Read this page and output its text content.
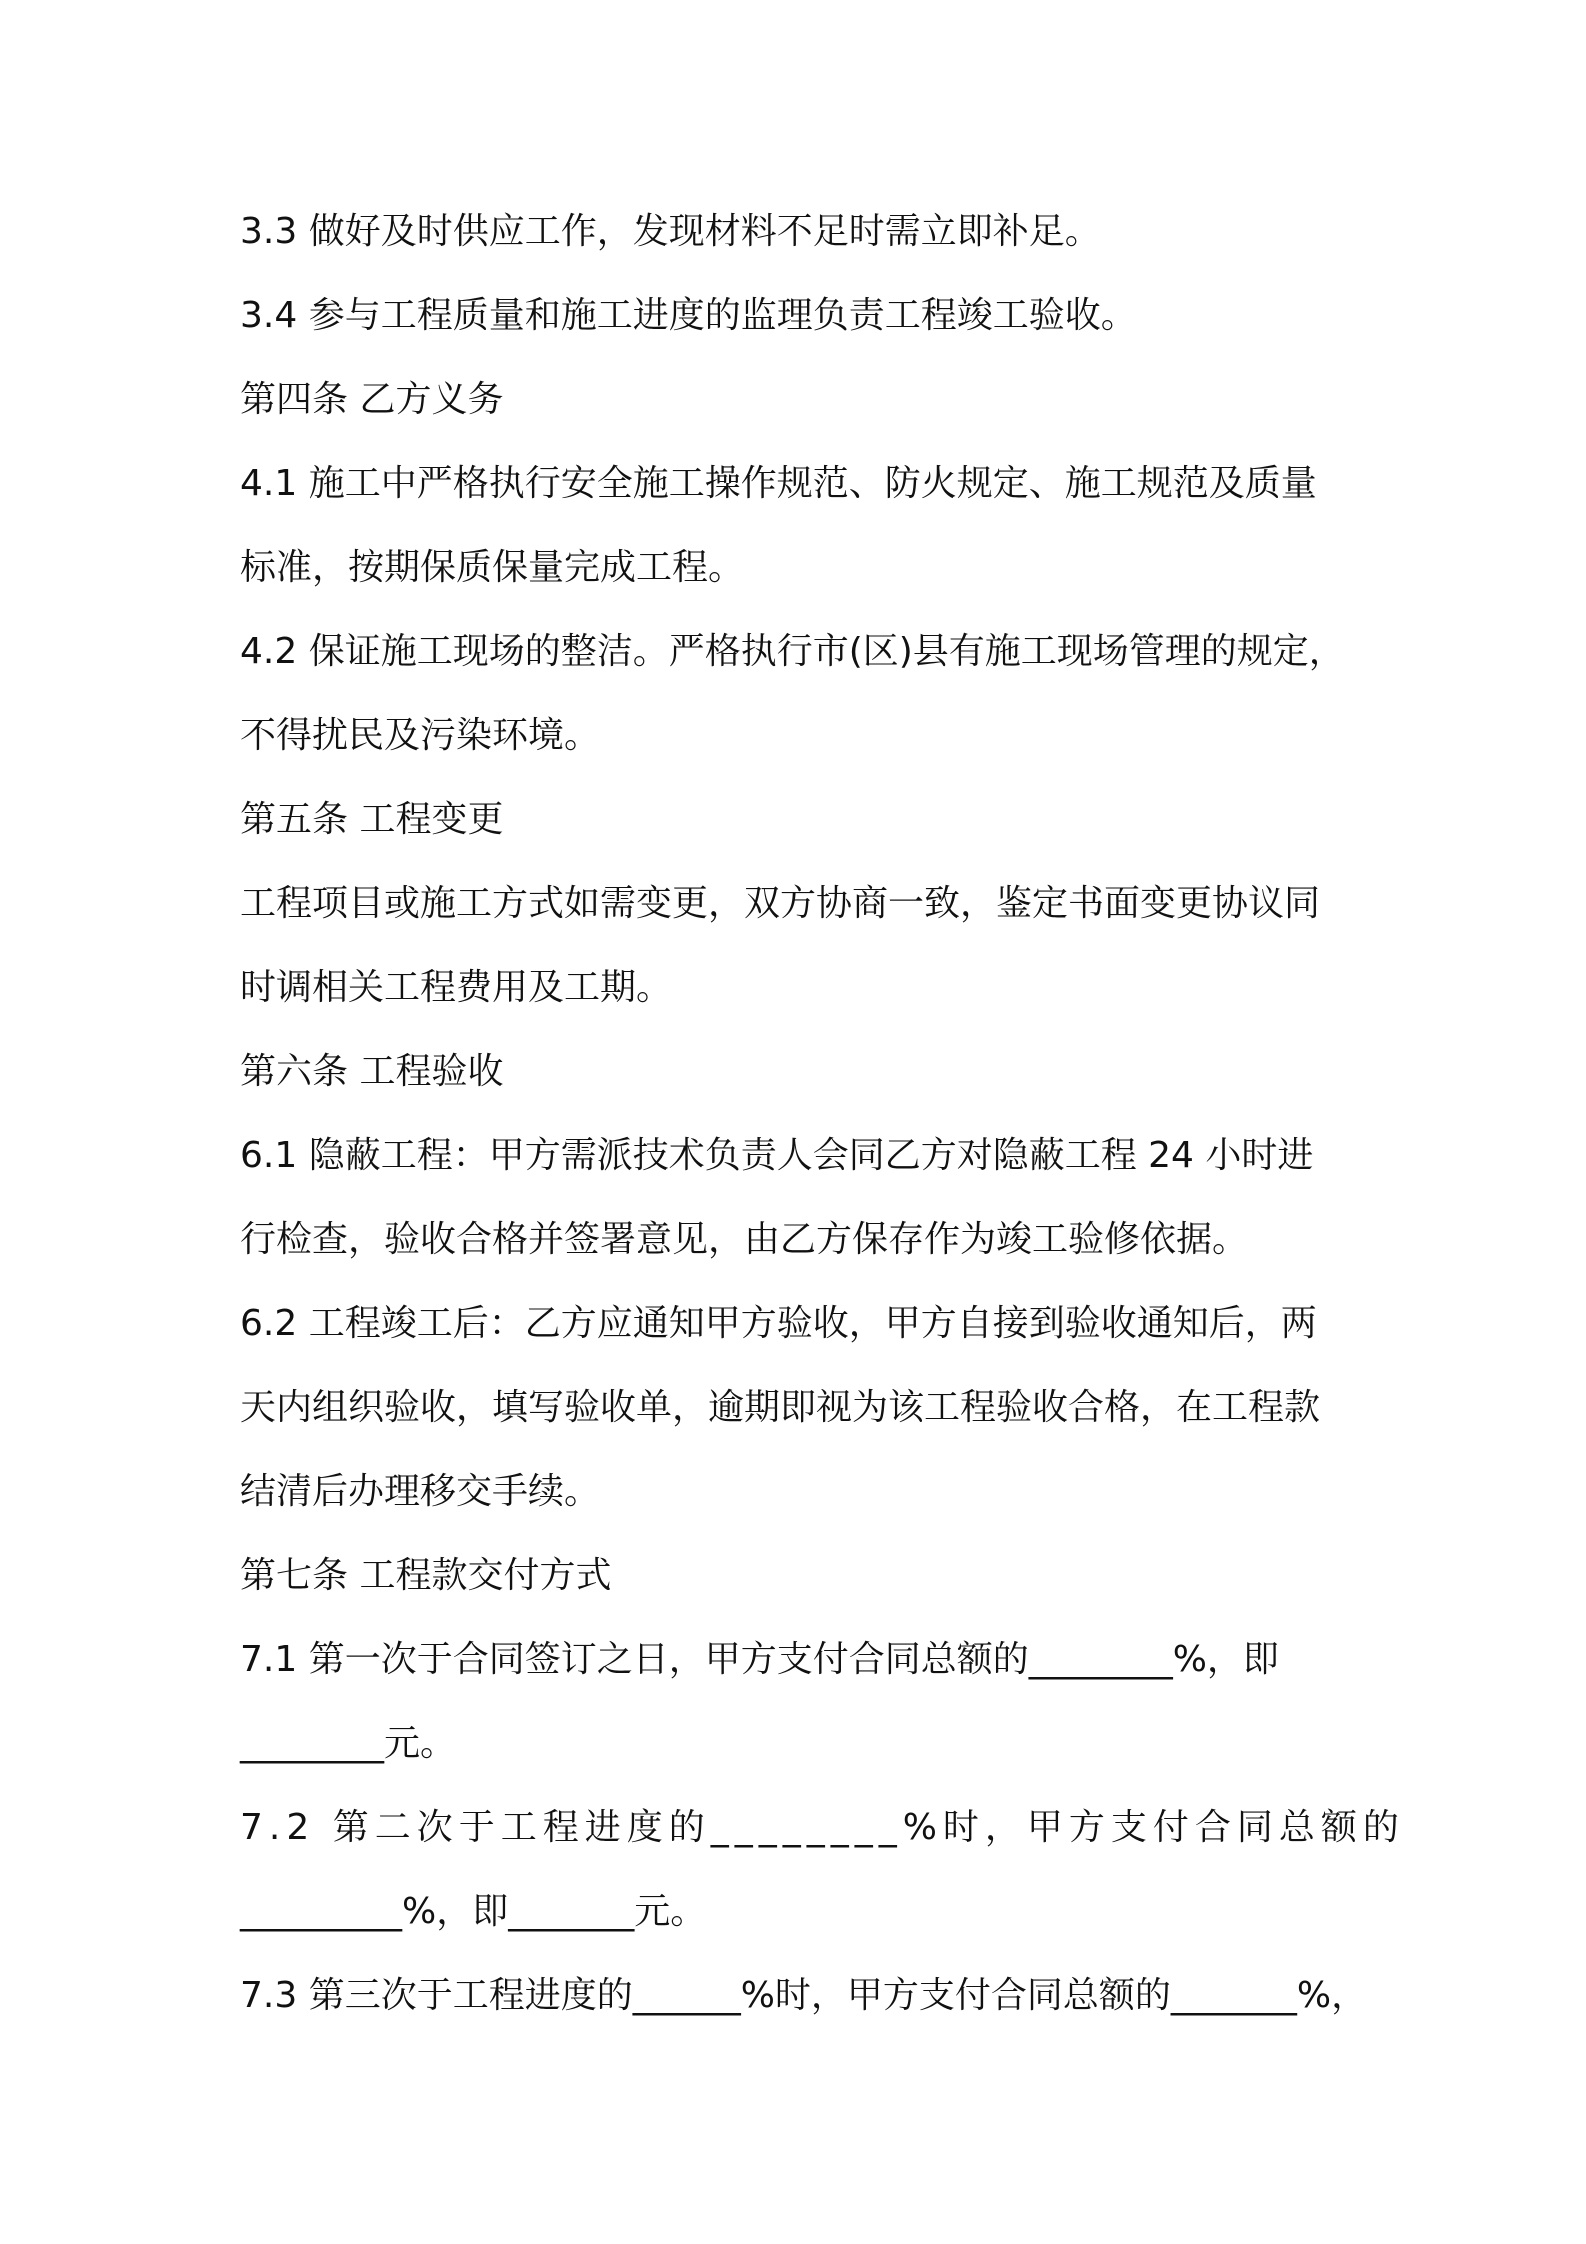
3.3 做好及时供应工作，发现材料不足时需立即补足。
3.4 参与工程质量和施工进度的监理负责工程竣工验收。
第四条 乙方义务
4.1 施工中严格执行安全施工操作规范、防火规定、施工规范及质量
标准，按期保质保量完成工程。
4.2 保证施工现场的整洁。严格执行市(区)县有施工现场管理的规定，
不得扰民及污染环境。
第五条 工程变更
工程项目或施工方式如需变更，双方协商一致，鉴定书面变更协议同
时调相关工程费用及工期。
第六条 工程验收
6.1 隐蔽工程：甲方需派技术负责人会同乙方对隐蔽工程 24 小时进
行检查，验收合格并签署意见，由乙方保存作为竣工验修依据。
6.2 工程竣工后：乙方应通知甲方验收，甲方自接到验收通知后，两
天内组织验收，填写验收单，逾期即视为该工程验收合格，在工程款
结清后办理移交手续。
第七条 工程款交付方式
7.1 第一次于合同签订之日，甲方支付合同总额的________%，即
________元。
7.2 第二次于工程进度的________%时，甲方支付合同总额的
_________%，即_______元。
7.3 第三次于工程进度的______%时，甲方支付合同总额的_______%，
